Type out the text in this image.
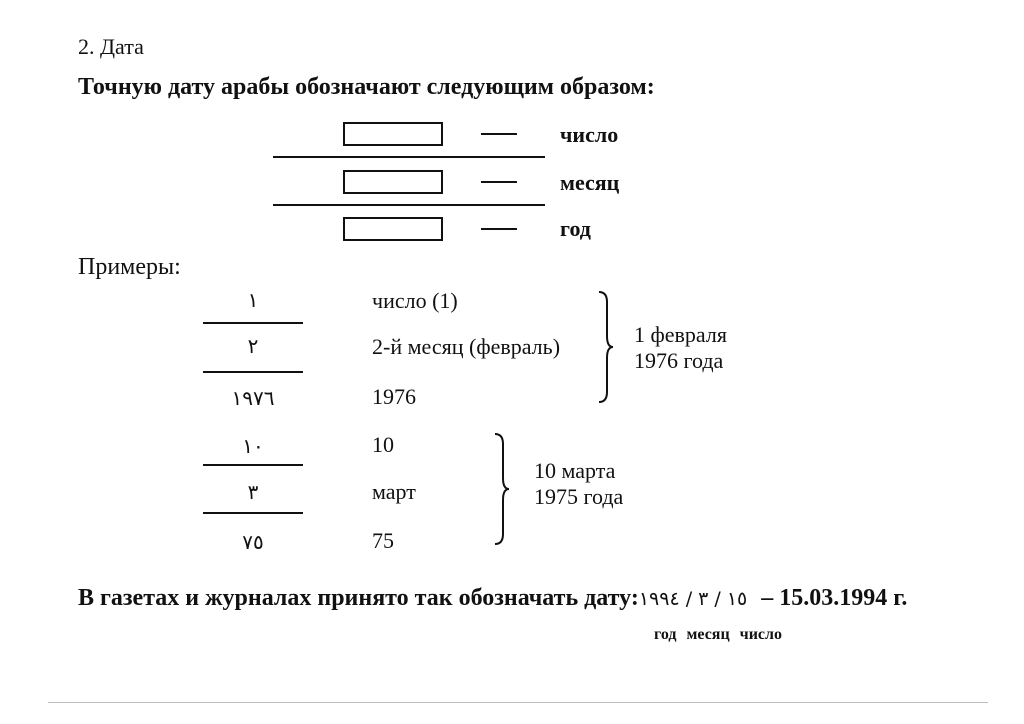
2. Дата
Точную дату арабы обозначают следующим образом:
число
месяц
год
Примеры:
١
٢
١٩٧٦
число (1)
2-й месяц (февраль)
1976
1 февраля
1976 года
١٠
٣
٧٥
10
март
75
10 марта
1975 года
В газетах и журналах принято так обозначать дату:١٩٩٤ / ٣ / ١٥ – 15.03.1994 г.
год месяц число
